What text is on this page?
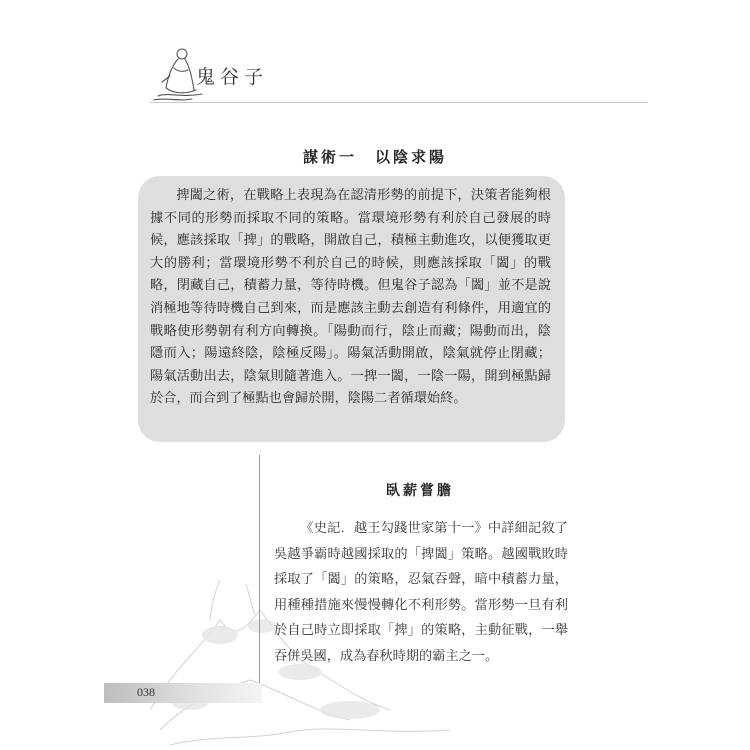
鬼谷子
謀術一　以陰求陽

捭闔之術，在戰略上表現為在認清形勢的前提下，決策者能夠根據不同的形勢而採取不同的策略。當環境形勢有利於自己發展的時候，應該採取「捭」的戰略，開啟自己，積極主動進攻，以便獲取更大的勝利；當環境形勢不利於自己的時候，則應該採取「闔」的戰略，閉藏自己，積蓄力量，等待時機。但鬼谷子認為「闔」並不是說消極地等待時機自己到來，而是應該主動去創造有利條件，用適宜的戰略使形勢朝有利方向轉換。「陽動而行，陰止而藏；陽動而出，陰隱而入；陽遠終陰，陰極反陽」。陽氣活動開啟，陰氣就停止閉藏；陽氣活動出去，陰氣則隨著進入。一捭一闔，一陰一陽，開到極點歸於合，而合到了極點也會歸於開，陰陽二者循環始終。

臥薪嘗膽

《史記．越王勾踐世家第十一》中詳細記敘了吳越爭霸時越國採取的「捭闔」策略。越國戰敗時採取了「闔」的策略，忍氣吞聲，暗中積蓄力量，用種種措施來慢慢轉化不利形勢。當形勢一旦有利於自己時立即採取「捭」的策略，主動征戰，一舉吞併吳國，成為春秋時期的霸主之一。

038
